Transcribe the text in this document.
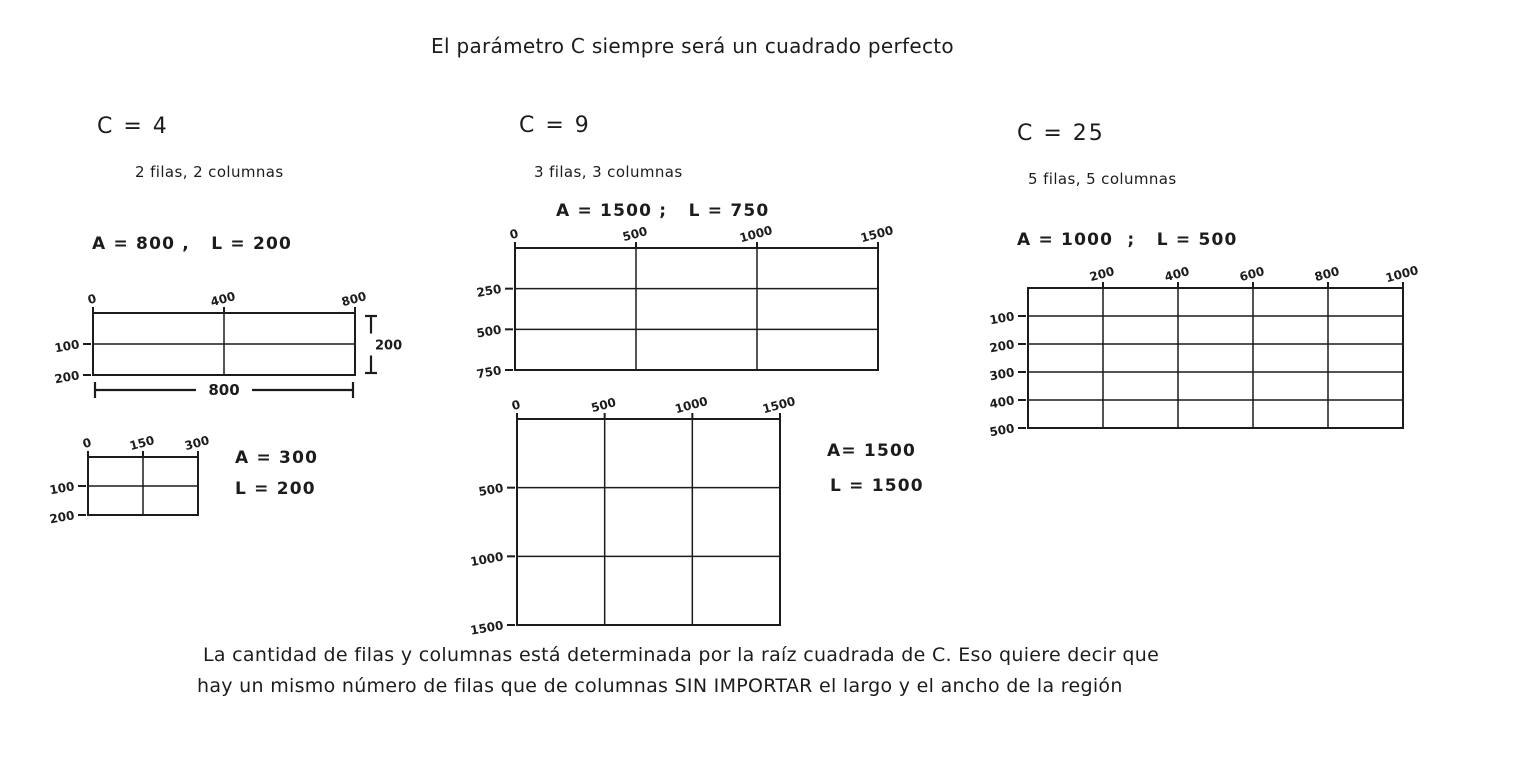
El parámetro C siempre será un cuadrado perfecto
C = 4
2 filas, 2 columnas
A = 800 ,   L = 200
0	400	800
100
200
200
800
0	150 300
100
200
A = 300
L = 200
C = 9
3 filas, 3 columnas
A = 1500 ;   L = 750
0	500	1000	1500
250
500
750
0	500	1000	1500
500
1000
1500
A= 1500
L = 1500
C = 25
5 filas, 5 columnas
A = 1000  ;   L = 500
200	400	600	800	1000
100
200
300
400
500
La cantidad de filas y columnas está determinada por la raíz cuadrada de C. Eso quiere decir que
hay un mismo número de filas que de columnas SIN IMPORTAR el largo y el ancho de la región
